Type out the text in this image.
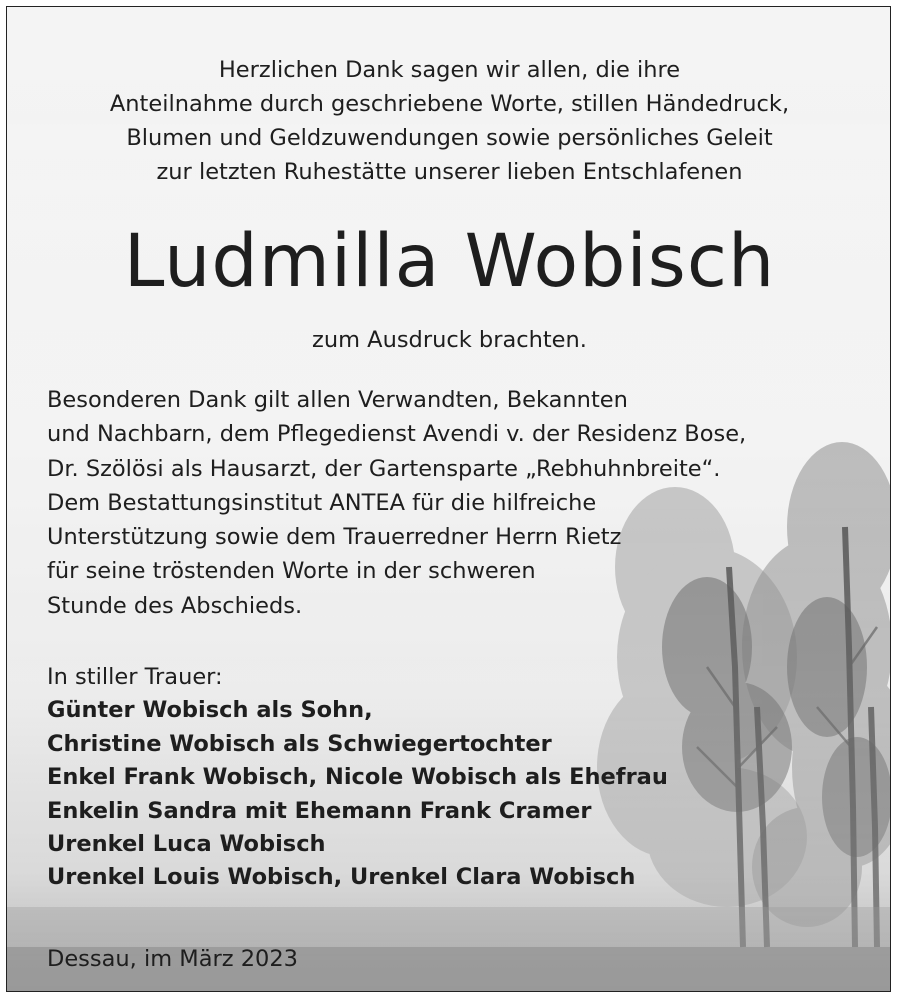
Herzlichen Dank sagen wir allen, die ihre
Anteilnahme durch geschriebene Worte, stillen Händedruck,
Blumen und Geldzuwendungen sowie persönliches Geleit
zur letzten Ruhestätte unserer lieben Entschlafenen
Ludmilla Wobisch
zum Ausdruck brachten.
Besonderen Dank gilt allen Verwandten, Bekannten
und Nachbarn, dem Pflegedienst Avendi v. der Residenz Bose,
Dr. Szölösi als Hausarzt, der Gartensparte „Rebhuhnbreite“.
Dem Bestattungsinstitut ANTEA für die hilfreiche
Unterstützung sowie dem Trauerredner Herrn Rietz
für seine tröstenden Worte in der schweren
Stunde des Abschieds.
In stiller Trauer:
Günter Wobisch als Sohn,
Christine Wobisch als Schwiegertochter
Enkel Frank Wobisch, Nicole Wobisch als Ehefrau
Enkelin Sandra mit Ehemann Frank Cramer
Urenkel Luca Wobisch
Urenkel Louis Wobisch, Urenkel Clara Wobisch
Dessau, im März 2023
